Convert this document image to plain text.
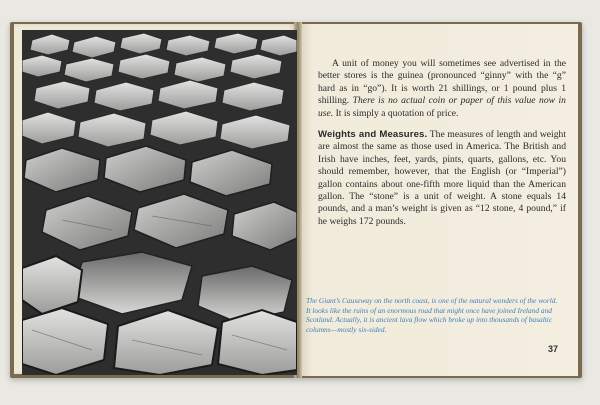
A unit of money you will sometimes see advertised in the better stores is the guinea (pronounced “ginny” with the “g” hard as in “go”). It is worth 21 shillings, or 1 pound plus 1 shilling. There is no actual coin or paper of this value now in use. It is simply a quotation of price.

Weights and Measures. The measures of length and weight are almost the same as those used in America. The British and Irish have inches, feet, yards, pints, quarts, gallons, etc. You should remember, however, that the English (or “Imperial”) gallon contains about one-fifth more liquid than the American gallon. The “stone” is a unit of weight. A stone equals 14 pounds, and a man’s weight is given as “12 stone, 4 pound,” if he weighs 172 pounds.

The Giant’s Causeway on the north coast, is one of the natural wonders of the world. It looks like the ruins of an enormous road that might once have joined Ireland and Scotland. Actually, it is ancient lava flow which broke up into thousands of basaltic columns—mostly six-sided.
37
